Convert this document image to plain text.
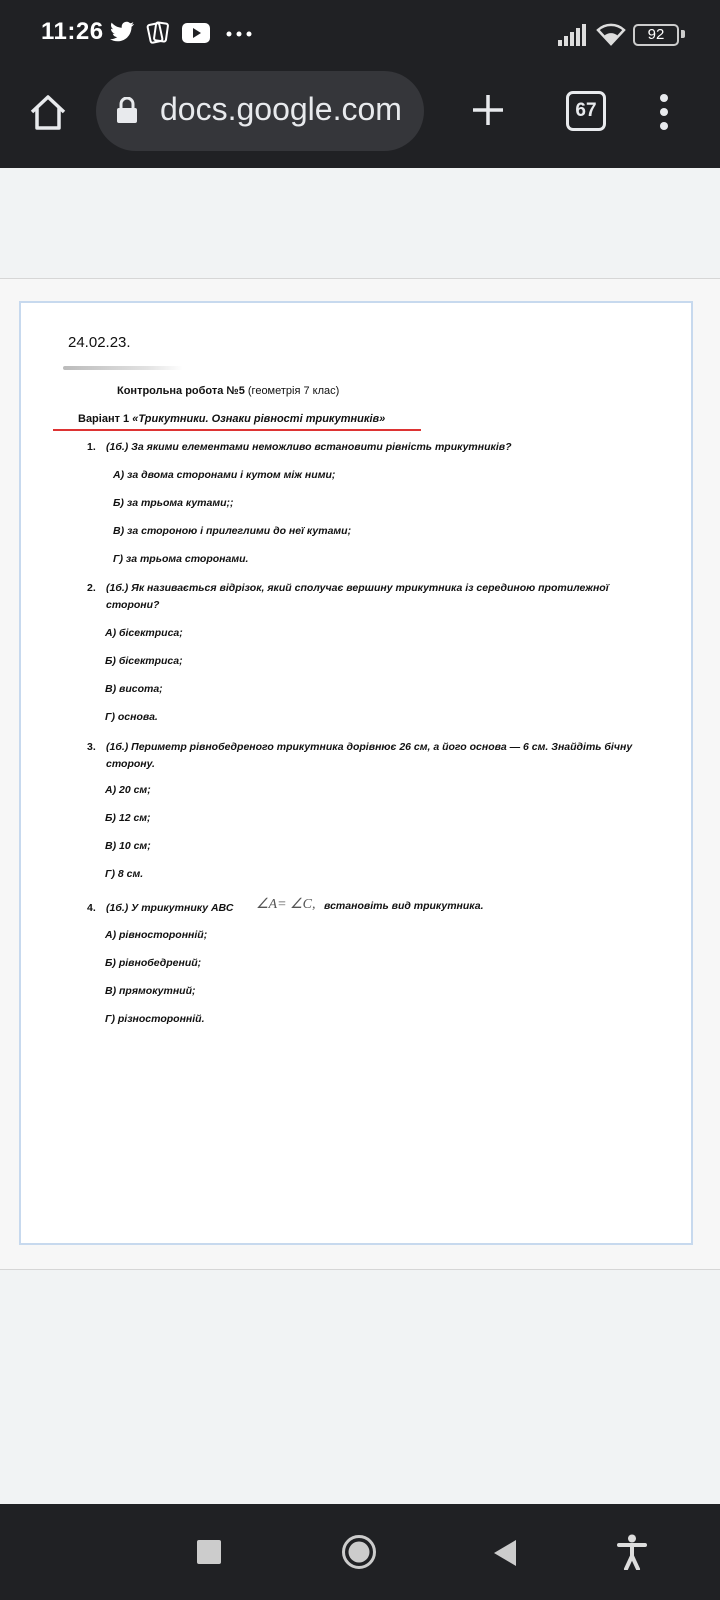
11:26	92
docs.google.com	67
24.02.23.
Контрольна робота №5 (геометрія 7 клас)
Варіант 1 «Трикутники. Ознаки рівності трикутників»
1. (1б.) За якими елементами неможливо встановити рівність трикутників?
А) за двома сторонами і кутом між ними;
Б) за трьома кутами;;
В) за стороною і прилеглими до неї кутами;
Г) за трьома сторонами.
2. (1б.) Як називається відрізок, який сполучає вершину трикутника із серединою протилежної сторони?
А) бісектриса;
Б) бісектриса;
В) висота;
Г) основа.
3. (1б.) Периметр рівнобедреного трикутника дорівнює 26 см, а його основа — 6 см. Знайдіть бічну сторону.
А) 20 см;
Б) 12 см;
В) 10 см;
Г) 8 см.
4. (1б.) У трикутнику АВС	∠A= ∠C, встановіть вид трикутника.
А) рівносторонній;
Б) рівнобедрений;
В) прямокутний;
Г) різносторонній.
